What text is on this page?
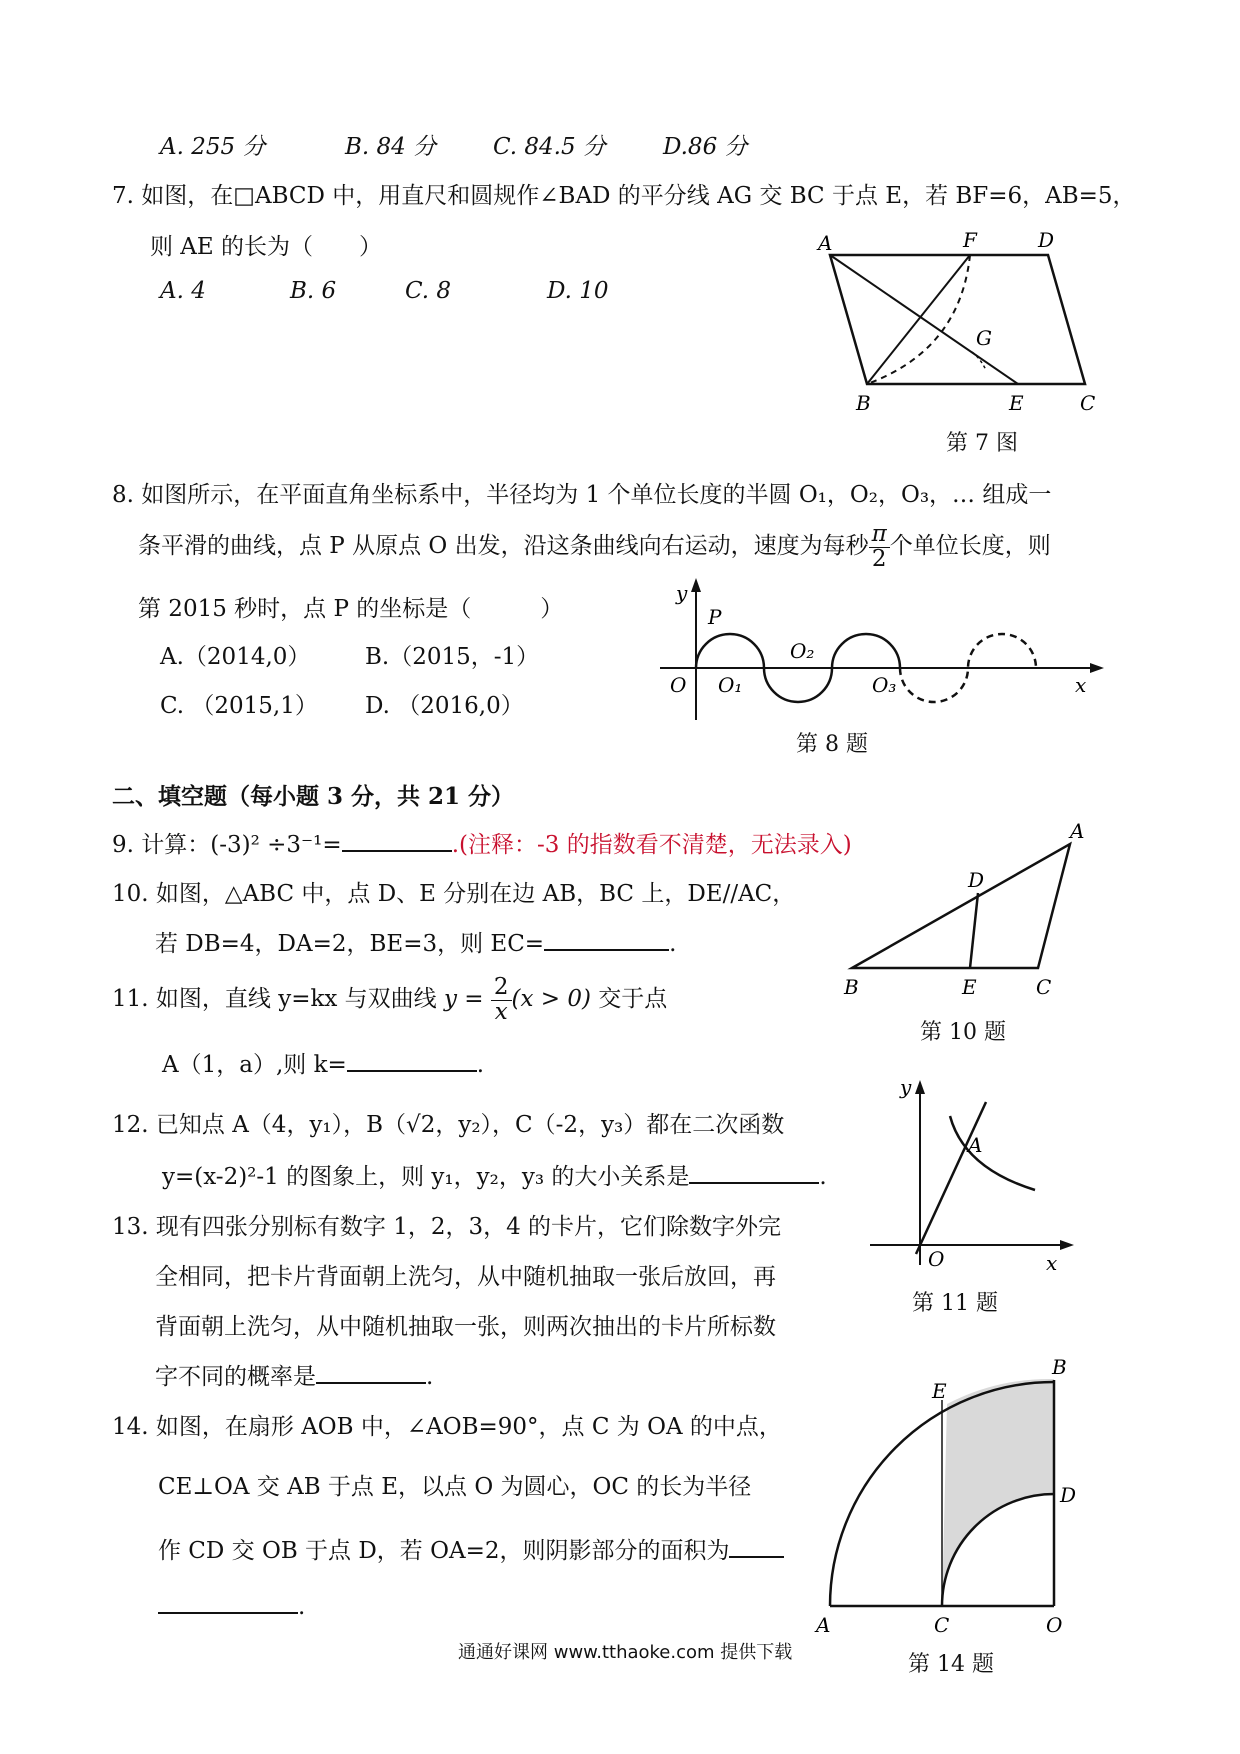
A. 255 分	B. 84 分 C. 84.5 分 D.86 分
7. 如图，在□ABCD 中，用直尺和圆规作∠BAD 的平分线 AG 交 BC 于点 E，若 BF=6，AB=5，
则 AE 的长为（　　）
A. 4	B. 6	C. 8	D. 10
A	F	D
G
B	E	C
第 7 图
8. 如图所示，在平面直角坐标系中，半径均为 1 个单位长度的半圆 O₁，O₂，O₃，… 组成一
条平滑的曲线，点 P 从原点 O 出发，沿这条曲线向右运动，速度为每秒 $\frac{\pi}{2}$ 个单位长度，则
第 2015 秒时，点 P 的坐标是（　　　）
A.（2014,0） B.（2015，-1）
C. （2015,1） D. （2016,0）
y
P
O O₁
O₂
O₃	x
第 8 题
二、填空题（每小题 3 分，共 21 分）
9. 计算：(-3)² ÷3⁻¹=	.(注释：-3 的指数看不清楚，无法录入)
10. 如图，△ABC 中，点 D、E 分别在边 AB，BC 上，DE//AC，
若 DB=4，DA=2，BE=3，则 EC=	.
A
D
B	E	C
第 10 题
11. 如图，直线 y=kx 与双曲线 $y = \frac{2}{x} (x > 0)$ 交于点
A（1，a）,则 k=	.
y
A
O	x
第 11 题
12. 已知点 A（4，y₁），B（√2，y₂），C（-2，y₃）都在二次函数
y=(x-2)²-1 的图象上，则 y₁，y₂，y₃ 的大小关系是	.
13. 现有四张分别标有数字 1，2，3，4 的卡片，它们除数字外完
全相同，把卡片背面朝上洗匀，从中随机抽取一张后放回，再
背面朝上洗匀，从中随机抽取一张，则两次抽出的卡片所标数
字不同的概率是	.
14. 如图，在扇形 AOB 中，∠AOB=90°，点 C 为 OA 的中点，
CE⊥OA 交 AB 于点 E，以点 O 为圆心，OC 的长为半径
作 CD 交 OB 于点 D，若 OA=2，则阴影部分的面积为
.
B
E
D
A	C	O
第 14 题
通通好课网 www.tthaoke.com 提供下载
